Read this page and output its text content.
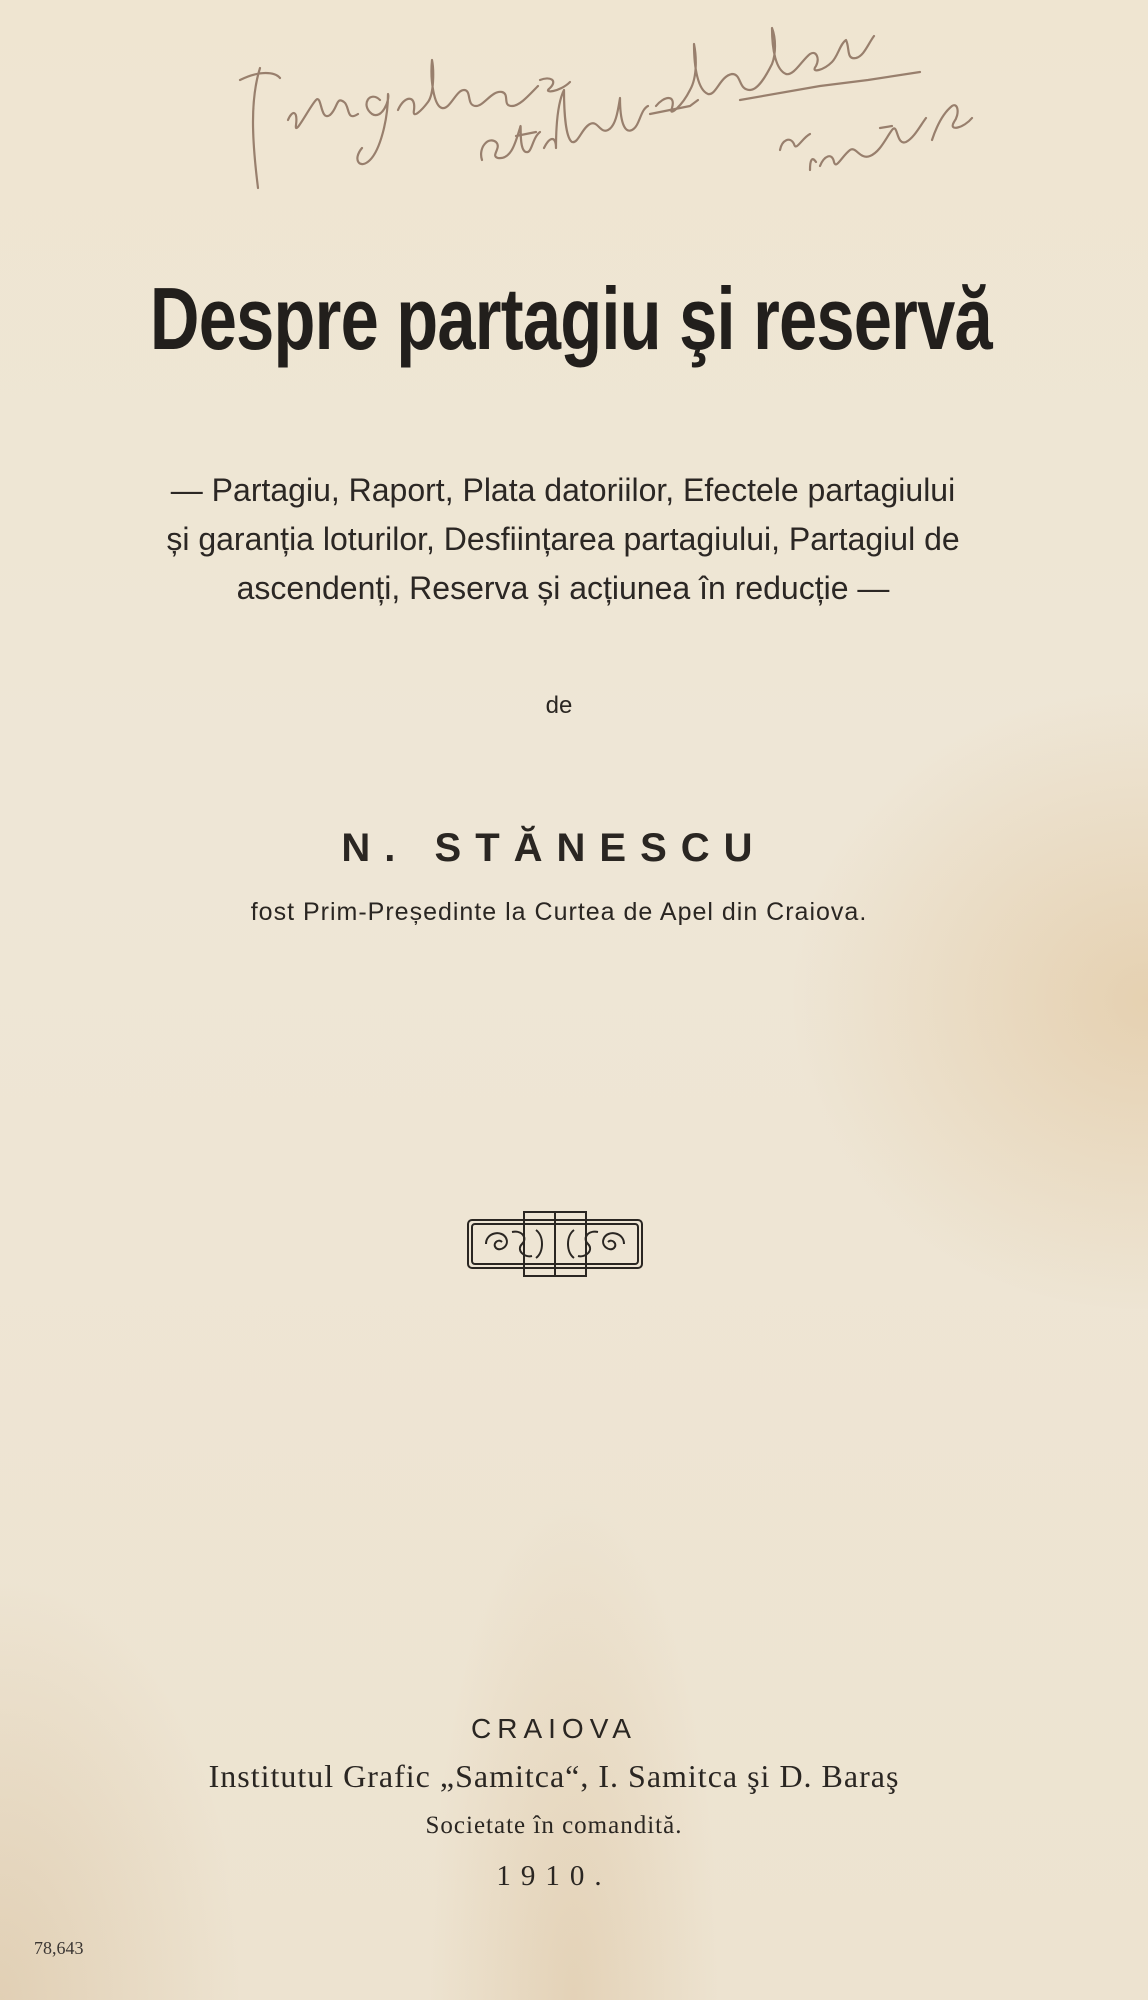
Despre partagiu şi reservă
— Partagiu, Raport, Plata datoriilor, Efectele partagiului
și garanția loturilor, Desființarea partagiului, Partagiul de
ascendenți, Reserva și acțiunea în reducție —
de
N. STĂNESCU
fost Prim-Președinte la Curtea de Apel din Craiova.
CRAIOVA
Institutul Grafic „Samitca“, I. Samitca şi D. Baraş
Societate în comandită.
1910.
78,643
